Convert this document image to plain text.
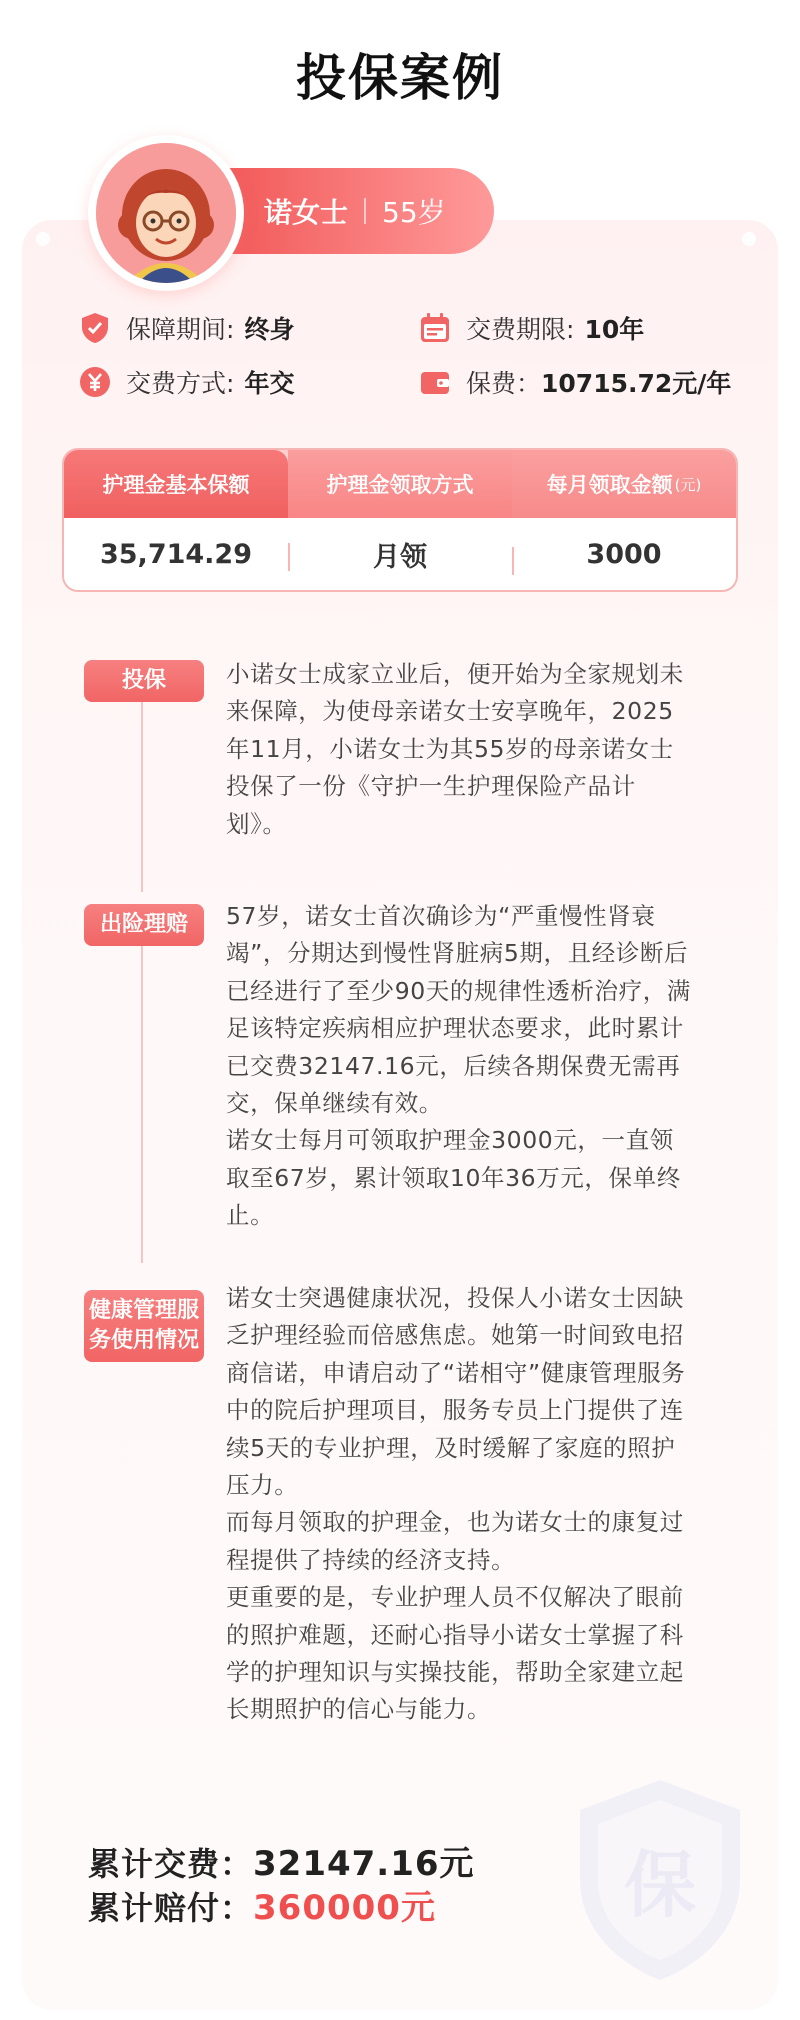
投保案例
诺女士 55岁
保障期间: 终身	交费期限: 10年
交费方式: 年交	保费： 10715.72元/年
护理金基本保额	护理金领取方式	每月领取金额 (元)
35,714.29	月领	3000
投保	小诺女士成家立业后，便开始为全家规划未来保障，为使母亲诺女士安享晚年，2025年11月，小诺女士为其55岁的母亲诺女士投保了一份《守护一生护理保险产品计划》。

出险理赔	57岁，诺女士首次确诊为“严重慢性肾衰竭”，分期达到慢性肾脏病5期，且经诊断后已经进行了至少90天的规律性透析治疗，满足该特定疾病相应护理状态要求，此时累计已交费32147.16元，后续各期保费无需再交，保单继续有效。

诺女士每月可领取护理金3000元，一直领取至67岁，累计领取10年36万元，保单终止。

健康管理服务使用情况

诺女士突遇健康状况，投保人小诺女士因缺乏护理经验而倍感焦虑。她第一时间致电招商信诺，申请启动了“诺相守”健康管理服务中的院后护理项目，服务专员上门提供了连续5天的专业护理，及时缓解了家庭的照护压力。

而每月领取的护理金，也为诺女士的康复过程提供了持续的经济支持。

更重要的是，专业护理人员不仅解决了眼前的照护难题，还耐心指导小诺女士掌握了科学的护理知识与实操技能，帮助全家建立起长期照护的信心与能力。

保
累计交费：32147.16元
累计赔付：360000元
